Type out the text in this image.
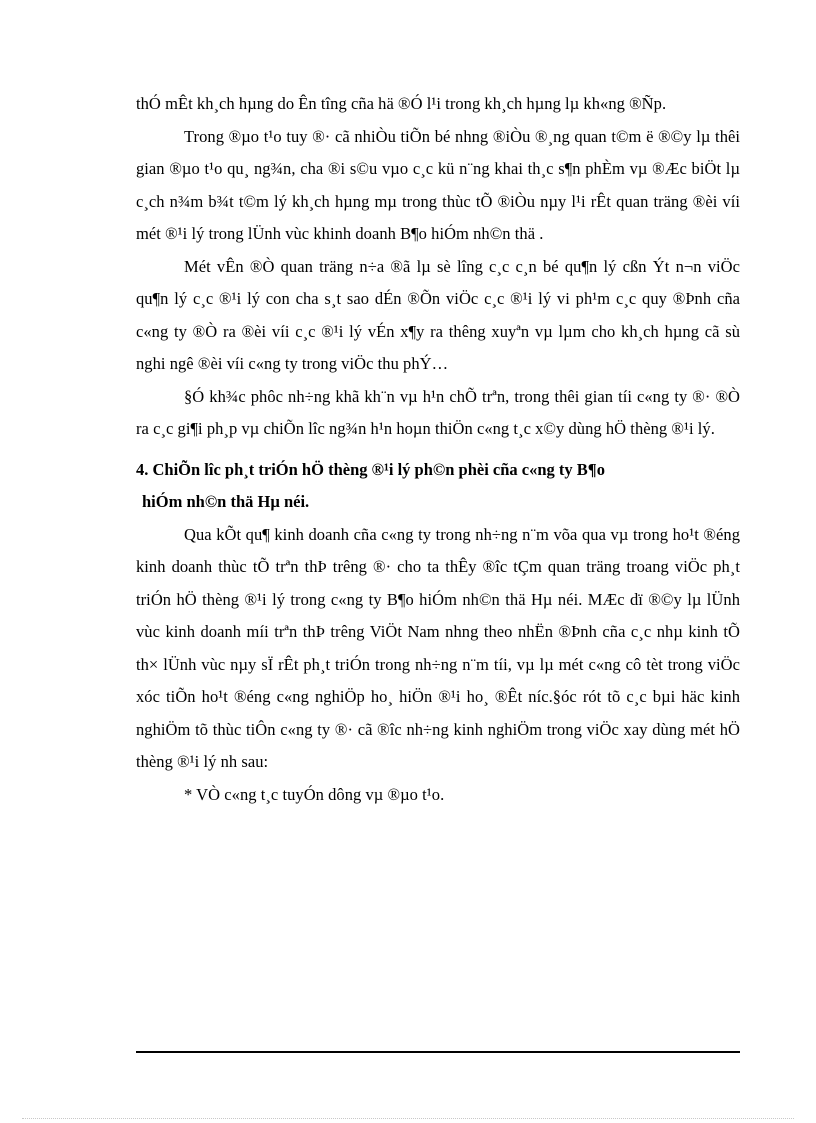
thÓ mÊt kh¸ch hµng do Ên tîng cña hä ®Ó l¹i trong kh¸ch hµng lµ kh«ng ®Ñp.

Trong ®µo t¹o tuy ®· cã nhiÒu tiÕn bé nhng ®iÒu ®¸ng quan t©m ë ®©y lµ thêi gian ®µo t¹o qu¸ ng¾n, cha ®i s©u vµo c¸c kü n¨ng khai th¸c s¶n phÈm vµ ®Æc biÖt lµ c¸ch n¾m b¾t t©m lý kh¸ch hµng mµ trong thùc tÕ ®iÒu nµy l¹i rÊt quan träng ®èi víi mét ®¹i lý trong lÜnh vùc khinh doanh B¶o hiÓm nh©n thä .

Mét vÊn ®Ò quan träng n÷a ®ã lµ sè lîng c¸c c¸n bé qu¶n lý cßn Ýt n¬n viÖc qu¶n lý c¸c ®¹i lý con cha s¸t sao dÉn ®Õn viÖc c¸c ®¹i lý vi ph¹m c¸c quy ®Þnh cña c«ng ty ®Ò ra ®èi víi c¸c ®¹i lý vÉn x¶y ra thêng xuyªn vµ lµm cho kh¸ch hµng cã sù nghi ngê ®èi víi c«ng ty trong viÖc thu phÝ…

§Ó kh¾c phôc nh÷ng khã kh¨n vµ h¹n chÕ trªn, trong thêi gian tíi c«ng ty ®· ®Ò ra c¸c gi¶i ph¸p vµ chiÕn lîc ng¾n h¹n hoµn thiÖn c«ng t¸c x©y dùng hÖ thèng ®¹i lý.

4. ChiÕn lîc ph¸t triÓn hÖ thèng ®¹i lý ph©n phèi cña c«ng ty B¶o
hiÓm nh©n thä Hµ néi.

Qua kÕt qu¶ kinh doanh cña c«ng ty trong nh÷ng n¨m võa qua vµ trong ho¹t ®éng kinh doanh thùc tÕ trªn thÞ trêng ®· cho ta thÊy ®îc tÇm quan träng troang viÖc ph¸t triÓn hÖ thèng ®¹i lý trong c«ng ty B¶o hiÓm nh©n thä Hµ néi. MÆc dï ®©y lµ lÜnh vùc kinh doanh míi trªn thÞ trêng ViÖt Nam nhng theo nhËn ®Þnh cña c¸c nhµ kinh tÕ th× lÜnh vùc nµy sÏ rÊt ph¸t triÓn trong nh÷ng n¨m tíi, vµ lµ mét c«ng cô tèt trong viÖc xóc tiÕn ho¹t ®éng c«ng nghiÖp ho¸ hiÖn ®¹i ho¸ ®Êt níc.§óc rót tõ c¸c bµi häc kinh nghiÖm tõ thùc tiÔn c«ng ty ®· cã ®îc nh÷ng kinh nghiÖm trong viÖc xay dùng mét hÖ thèng ®¹i lý nh sau:

* VÒ c«ng t¸c tuyÓn dông vµ ®µo t¹o.
